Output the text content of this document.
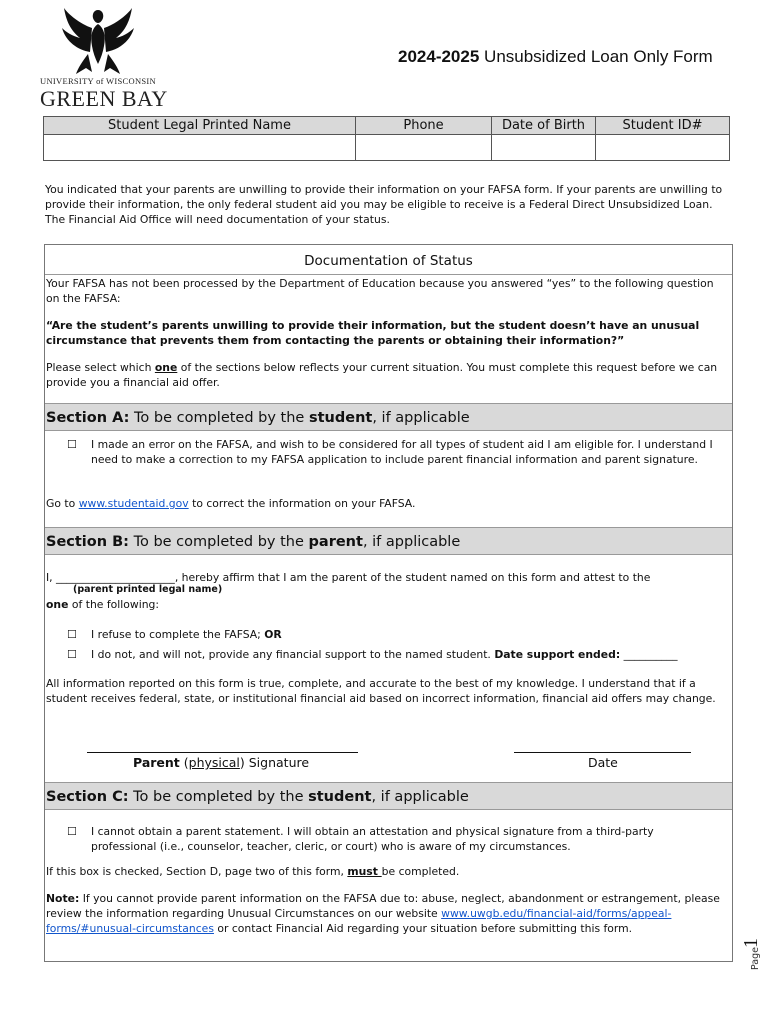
UNIVERSITY of WISCONSIN
GREEN BAY
2024-2025 Unsubsidized Loan Only Form
Student Legal Printed Name	Phone	Date of Birth	Student ID#

You indicated that your parents are unwilling to provide their information on your FAFSA form. If your parents are unwilling to provide their information, the only federal student aid you may be eligible to receive is a Federal Direct Unsubsidized Loan. The Financial Aid Office will need documentation of your status.
Documentation of Status
Your FAFSA has not been processed by the Department of Education because you answered “yes” to the following question on the FAFSA:
“Are the student’s parents unwilling to provide their information, but the student doesn’t have an unusual circumstance that prevents them from contacting the parents or obtaining their information?”
Please select which one of the sections below reflects your current situation. You must complete this request before we can provide you a financial aid offer.
Section A: To be completed by the student, if applicable
☐ I made an error on the FAFSA, and wish to be considered for all types of student aid I am eligible for. I understand I need to make a correction to my FAFSA application to include parent financial information and parent signature.
Go to www.studentaid.gov to correct the information on your FAFSA.
Section B: To be completed by the parent, if applicable
I, ______________________, hereby affirm that I am the parent of the student named on this form and attest to the
(parent printed legal name)
one of the following:
☐ I refuse to complete the FAFSA; OR
☐ I do not, and will not, provide any financial support to the named student. Date support ended: __________
All information reported on this form is true, complete, and accurate to the best of my knowledge. I understand that if a student receives federal, state, or institutional financial aid based on incorrect information, financial aid offers may change.
Parent (physical) Signature	Date
Section C: To be completed by the student, if applicable
☐ I cannot obtain a parent statement. I will obtain an attestation and physical signature from a third-party professional (i.e., counselor, teacher, cleric, or court) who is aware of my circumstances.
If this box is checked, Section D, page two of this form, must be completed.
Note: If you cannot provide parent information on the FAFSA due to: abuse, neglect, abandonment or estrangement, please review the information regarding Unusual Circumstances on our website www.uwgb.edu/financial-aid/forms/appeal-forms/#unusual-circumstances or contact Financial Aid regarding your situation before submitting this form.
Page
1
